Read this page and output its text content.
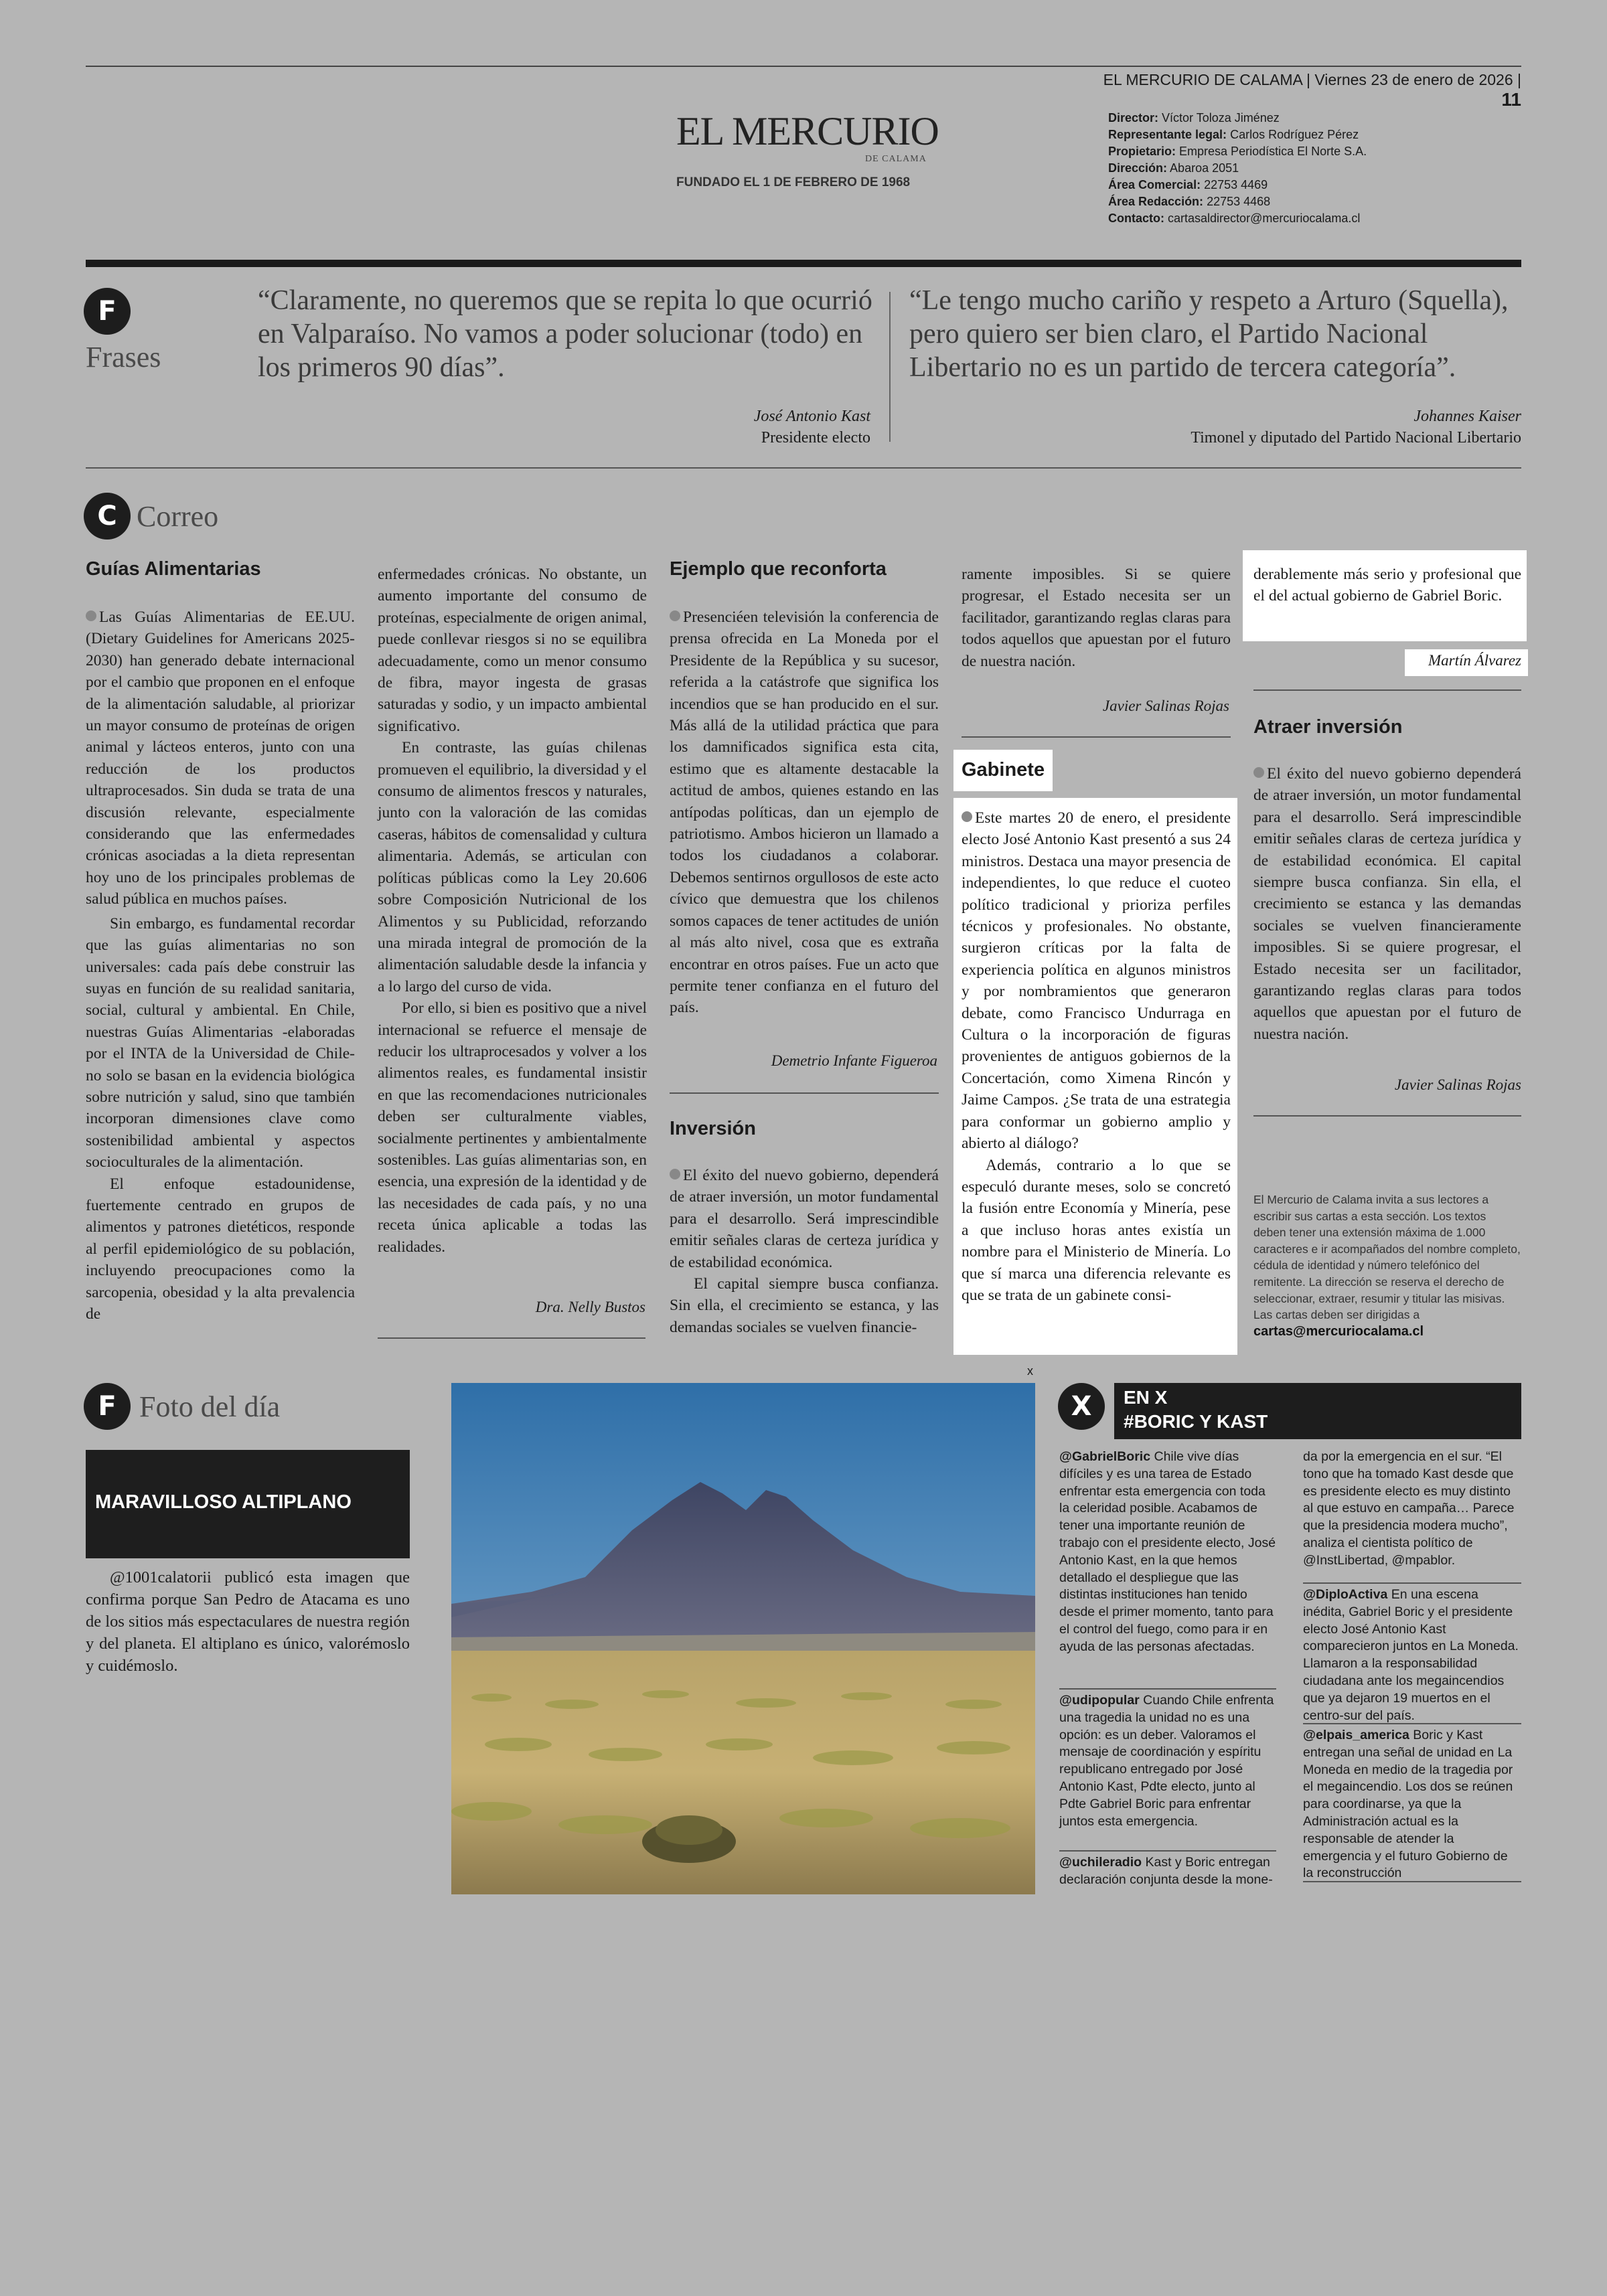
EL MERCURIO DE CALAMA | Viernes 23 de enero de 2026 | 11
EL MERCURIO
DE CALAMA
FUNDADO EL 1 DE FEBRERO DE 1968
Director: Víctor Toloza Jiménez
Representante legal: Carlos Rodríguez Pérez
Propietario: Empresa Periodística El Norte S.A.
Dirección: Abaroa 2051
Área Comercial: 22753 4469
Área Redacción: 22753 4468
Contacto: cartasaldirector@mercuriocalama.cl
F
Frases
“Claramente, no queremos que se repita lo que ocurrió en Valparaíso. No vamos a poder solucionar (todo) en los primeros 90 días”.
José Antonio Kast
Presidente electo
“Le tengo mucho cariño y respeto a Arturo (Squella), pero quiero ser bien claro, el Partido Nacional Libertario no es un partido de tercera categoría”.
Johannes Kaiser
Timonel y diputado del Partido Nacional Libertario
C Correo
Guías Alimentarias

Las Guías Alimentarias de EE.UU. (Dietary Guidelines for Americans 2025-2030) han generado debate internacional por el cambio que proponen en el enfoque de la alimentación saludable, al priorizar un mayor consumo de proteínas de origen animal y lácteos enteros, junto con una reducción de los productos ultraprocesados. Sin duda se trata de una discusión relevante, especialmente considerando que las enfermedades crónicas asociadas a la dieta representan hoy uno de los principales problemas de salud pública en muchos países.

Sin embargo, es fundamental recordar que las guías alimentarias no son universales: cada país debe construir las suyas en función de su realidad sanitaria, social, cultural y ambiental. En Chile, nuestras Guías Alimentarias -elaboradas por el INTA de la Universidad de Chile- no solo se basan en la evidencia biológica sobre nutrición y salud, sino que también incorporan dimensiones clave como sostenibilidad ambiental y aspectos socioculturales de la alimentación.

El enfoque estadounidense, fuertemente centrado en grupos de alimentos y patrones dietéticos, responde al perfil epidemiológico de su población, incluyendo preocupaciones como la sarcopenia, obesidad y la alta prevalencia de

enfermedades crónicas. No obstante, un aumento importante del consumo de proteínas, especialmente de origen animal, puede conllevar riesgos si no se equilibra adecuadamente, como un menor consumo de fibra, mayor ingesta de grasas saturadas y sodio, y un impacto ambiental significativo.

En contraste, las guías chilenas promueven el equilibrio, la diversidad y el consumo de alimentos frescos y naturales, junto con la valoración de las comidas caseras, hábitos de comensalidad y cultura alimentaria. Además, se articulan con políticas públicas como la Ley 20.606 sobre Composición Nutricional de los Alimentos y su Publicidad, reforzando una mirada integral de promoción de la alimentación saludable desde la infancia y a lo largo del curso de vida.

Por ello, si bien es positivo que a nivel internacional se refuerce el mensaje de reducir los ultraprocesados y volver a los alimentos reales, es fundamental insistir en que las recomendaciones nutricionales deben ser culturalmente viables, socialmente pertinentes y ambientalmente sostenibles. Las guías alimentarias son, en esencia, una expresión de la identidad y de las necesidades de cada país, y no una receta única aplicable a todas las realidades.

Dra. Nelly Bustos
Ejemplo que reconforta

Presenciéen televisión la conferencia de prensa ofrecida en La Moneda por el Presidente de la República y su sucesor, referida a la catástrofe que significa los incendios que se han producido en el sur. Más allá de la utilidad práctica que para los damnificados significa esta cita, estimo que es altamente destacable la actitud de ambos, quienes estando en las antípodas políticas, dan un ejemplo de patriotismo. Ambos hicieron un llamado a todos los ciudadanos a colaborar. Debemos sentirnos orgullosos de este acto cívico que demuestra que los chilenos somos capaces de tener actitudes de unión al más alto nivel, cosa que es extraña encontrar en otros países. Fue un acto que permite tener confianza en el futuro del país.

Demetrio Infante Figueroa
Inversión

El éxito del nuevo gobierno, dependerá de atraer inversión, un motor fundamental para el desarrollo. Será imprescindible emitir señales claras de certeza jurídica y de estabilidad económica.

El capital siempre busca confianza. Sin ella, el crecimiento se estanca, y las demandas sociales se vuelven financie-

ramente imposibles. Si se quiere progresar, el Estado necesita ser un facilitador, garantizando reglas claras para todos aquellos que apuestan por el futuro de nuestra nación.

Javier Salinas Rojas
Gabinete

Este martes 20 de enero, el presidente electo José Antonio Kast presentó a sus 24 ministros. Destaca una mayor presencia de independientes, lo que reduce el cuoteo político tradicional y prioriza perfiles técnicos y profesionales. No obstante, surgieron críticas por la falta de experiencia política en algunos ministros y por nombramientos que generaron debate, como Francisco Undurraga en Cultura o la incorporación de figuras provenientes de antiguos gobiernos de la Concertación, como Ximena Rincón y Jaime Campos. ¿Se trata de una estrategia para conformar un gobierno amplio y abierto al diálogo?

Además, contrario a lo que se especuló durante meses, solo se concretó la fusión entre Economía y Minería, pese a que incluso horas antes existía un nombre para el Ministerio de Minería. Lo que sí marca una diferencia relevante es que se trata de un gabinete consi-

derablemente más serio y profesional que el del actual gobierno de Gabriel Boric.

Martín Álvarez
Atraer inversión

El éxito del nuevo gobierno dependerá de atraer inversión, un motor fundamental para el desarrollo. Será imprescindible emitir señales claras de certeza jurídica y de estabilidad económica. El capital siempre busca confianza. Sin ella, el crecimiento se estanca y las demandas sociales se vuelven financieramente imposibles. Si se quiere progresar, el Estado necesita ser un facilitador, garantizando reglas claras para todos aquellos que apuestan por el futuro de nuestra nación.

Javier Salinas Rojas
El Mercurio de Calama invita a sus lectores a escribir sus cartas a esta sección. Los textos deben tener una extensión máxima de 1.000 caracteres e ir acompañados del nombre completo, cédula de identidad y número telefónico del remitente. La dirección se reserva el derecho de seleccionar, extraer, resumir y titular las misivas. Las cartas deben ser dirigidas a
cartas@mercuriocalama.cl
F Foto del día
MARAVILLOSO ALTIPLANO

@1001calatorii publicó esta imagen que confirma porque San Pedro de Atacama es uno de los sitios más espectaculares de nuestra región y del planeta. El altiplano es único, valorémoslo y cuidémoslo.

x
X	EN X
#BORIC Y KAST
@GabrielBoric Chile vive días difíciles y es una tarea de Estado enfrentar esta emergencia con toda la celeridad posible. Acabamos de tener una importante reunión de trabajo con el presidente electo, José Antonio Kast, en la que hemos detallado el despliegue que las distintas instituciones han tenido desde el primer momento, tanto para el control del fuego, como para ir en ayuda de las personas afectadas.
@udipopular Cuando Chile enfrenta una tragedia la unidad no es una opción: es un deber. Valoramos el mensaje de coordinación y espíritu republicano entregado por José Antonio Kast, Pdte electo, junto al Pdte Gabriel Boric para enfrentar juntos esta emergencia.
@uchileradio Kast y Boric entregan declaración conjunta desde la mone-
da por la emergencia en el sur. “El tono que ha tomado Kast desde que es presidente electo es muy distinto al que estuvo en campaña… Parece que la presidencia modera mucho”, analiza el cientista político de @InstLibertad, @mpablor.
@DiploActiva En una escena inédita, Gabriel Boric y el presidente electo José Antonio Kast comparecieron juntos en La Moneda. Llamaron a la responsabilidad ciudadana ante los megaincendios que ya dejaron 19 muertos en el centro-sur del país.
@elpais_america Boric y Kast entregan una señal de unidad en La Moneda en medio de la tragedia por el megaincendio. Los dos se reúnen para coordinarse, ya que la Administración actual es la responsable de atender la emergencia y el futuro Gobierno de la reconstrucción
